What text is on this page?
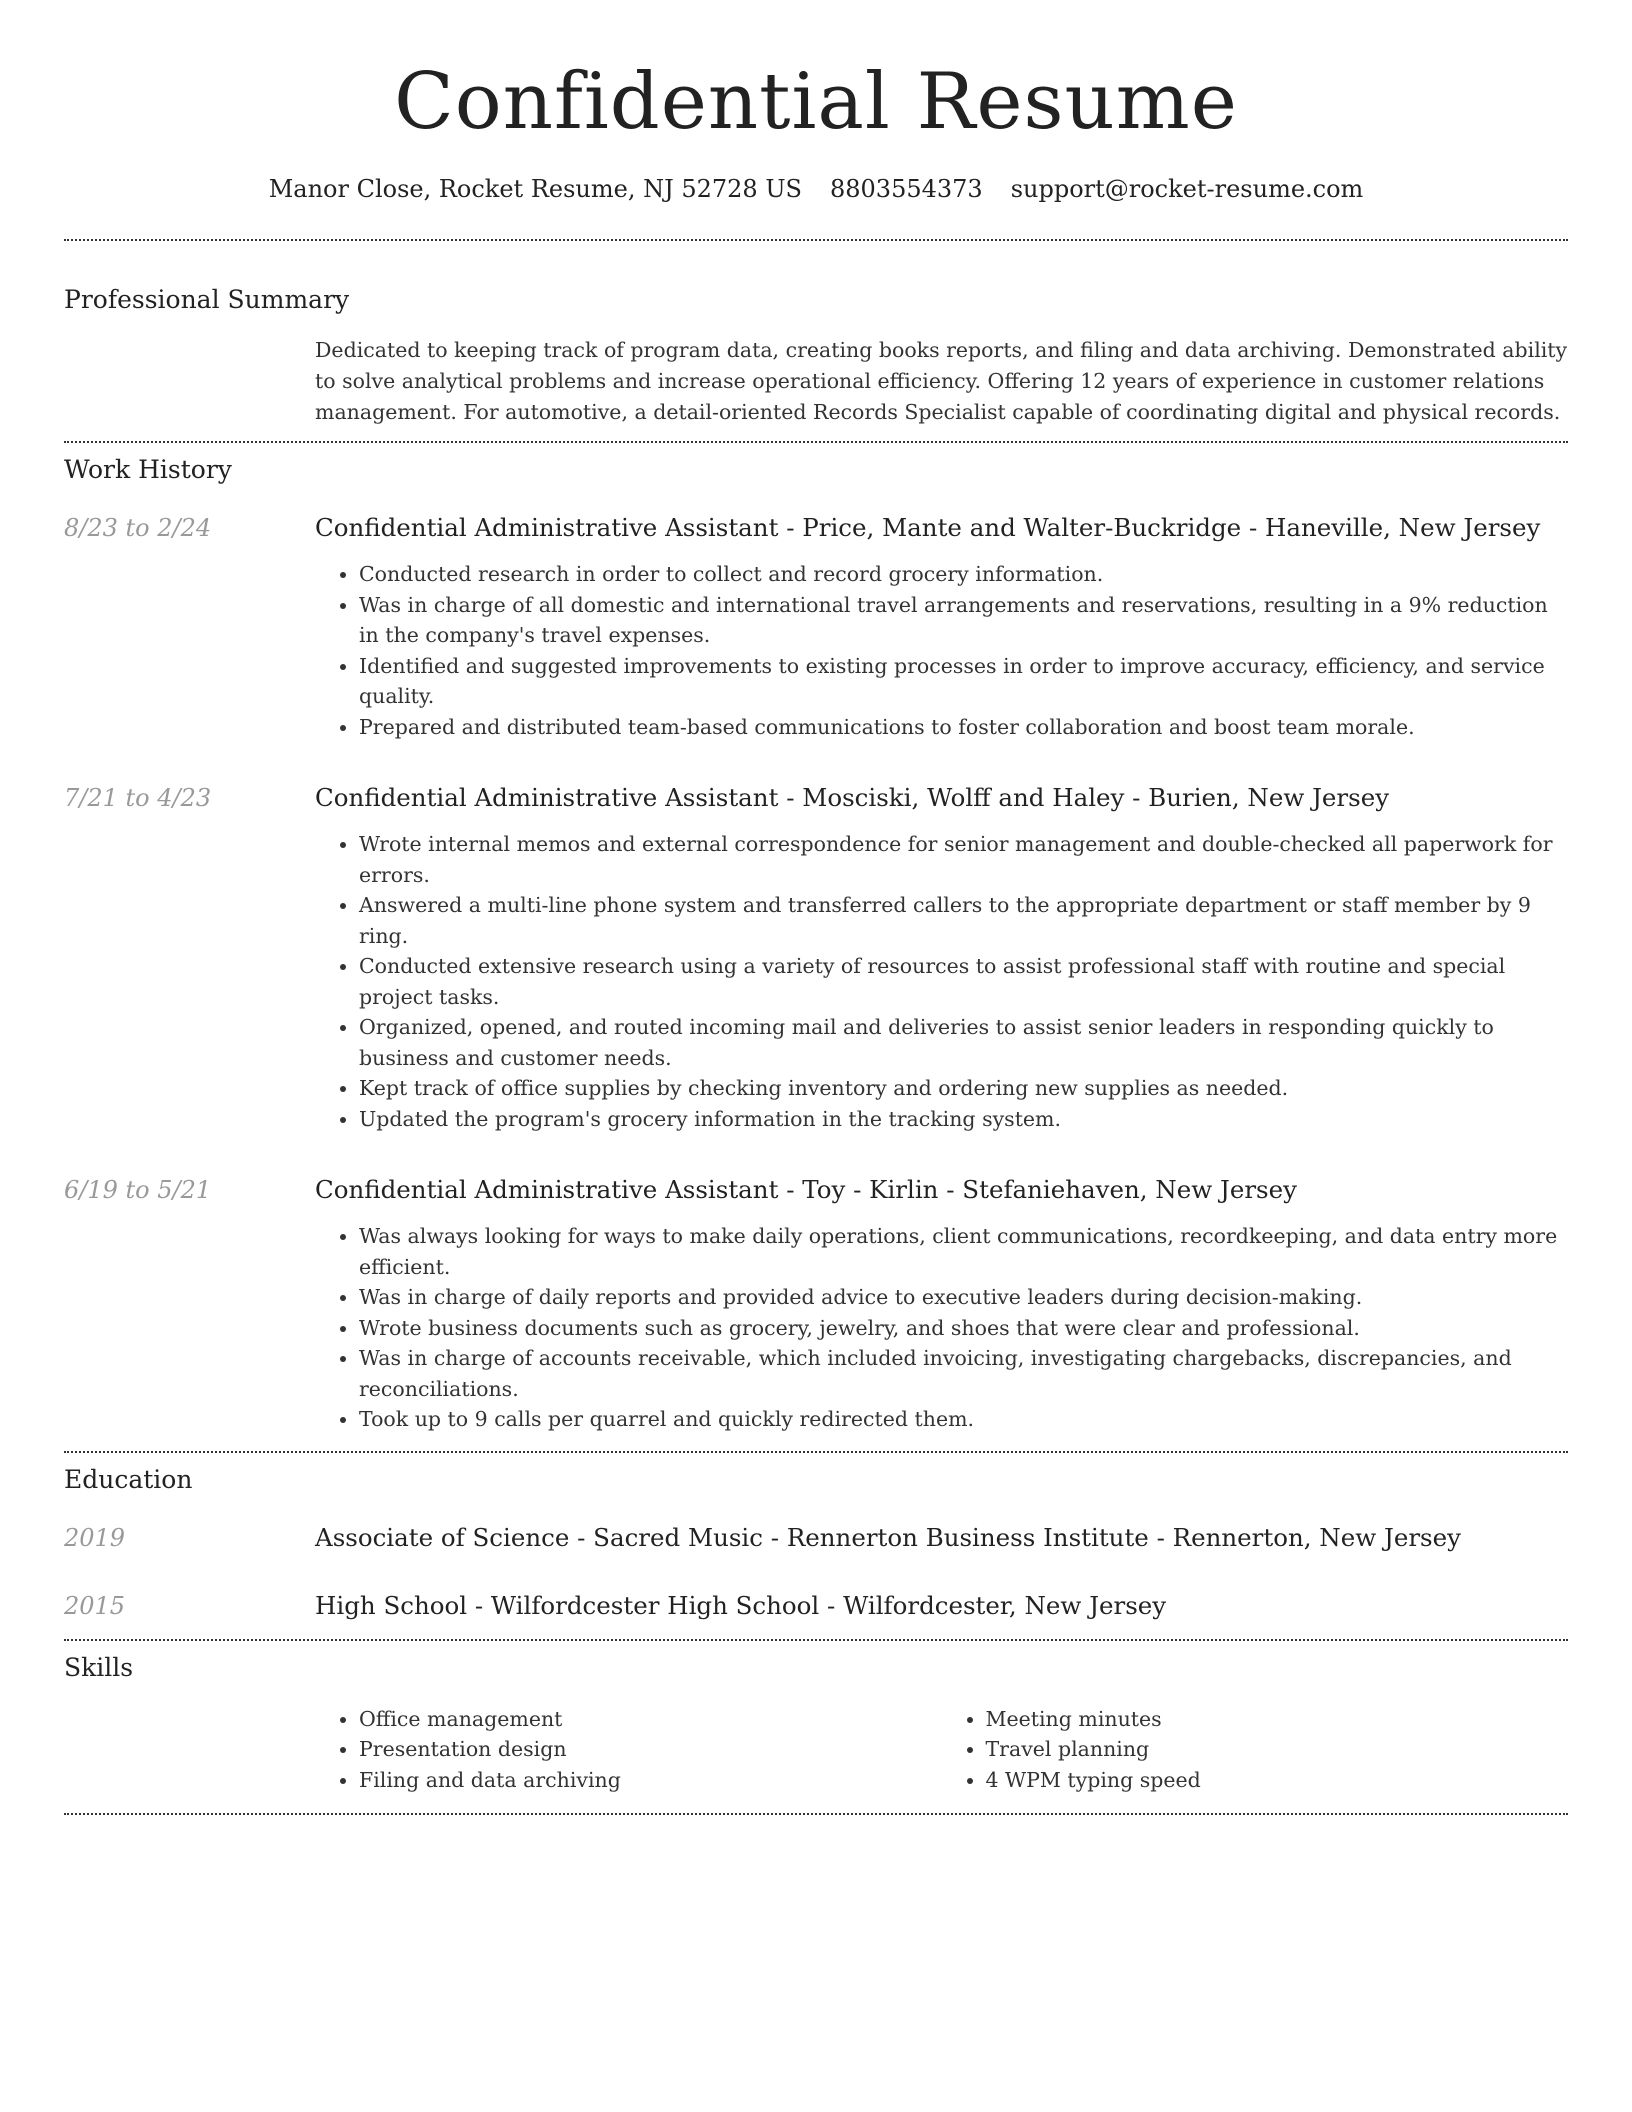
Confidential Resume
Manor Close, Rocket Resume, NJ 52728 US 8803554373 support@rocket-resume.com
Professional Summary
Dedicated to keeping track of program data, creating books reports, and filing and data archiving. Demonstrated ability to solve analytical problems and increase operational efficiency. Offering 12 years of experience in customer relations management. For automotive, a detail-oriented Records Specialist capable of coordinating digital and physical records.
Work History
8/23 to 2/24	Confidential Administrative Assistant - Price, Mante and Walter-Buckridge - Haneville, New Jersey
• Conducted research in order to collect and record grocery information.
• Was in charge of all domestic and international travel arrangements and reservations, resulting in a 9% reduction in the company's travel expenses.
• Identified and suggested improvements to existing processes in order to improve accuracy, efficiency, and service quality.
• Prepared and distributed team-based communications to foster collaboration and boost team morale.
7/21 to 4/23	Confidential Administrative Assistant - Mosciski, Wolff and Haley - Burien, New Jersey
• Wrote internal memos and external correspondence for senior management and double-checked all paperwork for errors.
• Answered a multi-line phone system and transferred callers to the appropriate department or staff member by 9 ring.
• Conducted extensive research using a variety of resources to assist professional staff with routine and special project tasks.
• Organized, opened, and routed incoming mail and deliveries to assist senior leaders in responding quickly to business and customer needs.
• Kept track of office supplies by checking inventory and ordering new supplies as needed.
• Updated the program's grocery information in the tracking system.
6/19 to 5/21	Confidential Administrative Assistant - Toy - Kirlin - Stefaniehaven, New Jersey
• Was always looking for ways to make daily operations, client communications, recordkeeping, and data entry more efficient.
• Was in charge of daily reports and provided advice to executive leaders during decision-making.
• Wrote business documents such as grocery, jewelry, and shoes that were clear and professional.
• Was in charge of accounts receivable, which included invoicing, investigating chargebacks, discrepancies, and reconciliations.
• Took up to 9 calls per quarrel and quickly redirected them.
Education
2019	Associate of Science - Sacred Music - Rennerton Business Institute - Rennerton, New Jersey
2015	High School - Wilfordcester High School - Wilfordcester, New Jersey
Skills
• Office management
• Presentation design
• Filing and data archiving
• Meeting minutes
• Travel planning
• 4 WPM typing speed
